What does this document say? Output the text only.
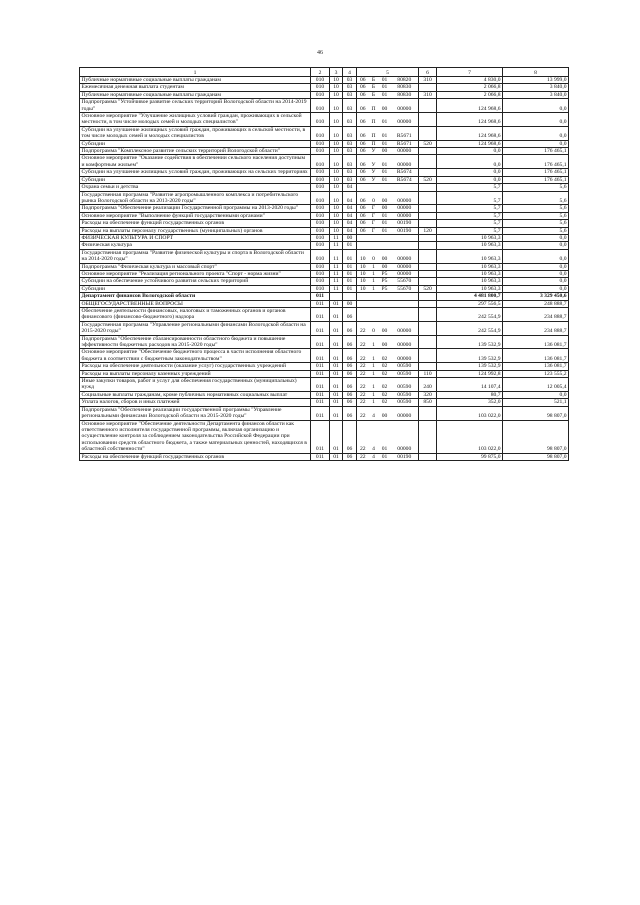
46
1	2	3	4	5				6	7	8
Публичные нормативные социальные выплаты гражданам	010	10	03	06	Б	01	80820	310	4 830,0	13 999,0
Ежемесячная денежная выплата студентам	010	10	03	06	Б	01	80830		2 066,8	3 840,0
Публичные нормативные социальные выплаты гражданам	010	10	03	06	Б	01	80830	310	2 066,8	3 840,0
Подпрограмма "Устойчивое развитие сельских территорий Вологодской области на 2014-2019 годы"	010	10	03	06	П	00	00000		124 968,6	0,0
Основное мероприятие "Улучшение жилищных условий граждан, проживающих в сельской местности, в том числе молодых семей и молодых специалистов"	010	10	03	06	П	01	00000		124 968,6	0,0
Субсидии на улучшение жилищных условий граждан, проживающих в сельской местности, в том числе молодых семей и молодых специалистов	010	10	03	06	П	01	R5671		124 968,6	0,0
Субсидии	010	10	03	06	П	01	R5671	520	124 968,6	0,0
Подпрограмма "Комплексное развитие сельских территорий Вологодской области"	010	10	03	06	У	00	00000		0,0	176 465,1
Основное мероприятие "Оказание содействия в обеспечении сельского населения доступным и комфортным жильем"	010	10	03	06	У	01	00000		0,0	176 465,1
Субсидии на улучшение жилищных условий граждан, проживающих на сельских территориях	010	10	03	06	У	01	R5674		0,0	176 465,1
Субсидии	010	10	03	06	У	01	R5674	520	0,0	176 465,1
Охрана семьи и детства	010	10	04						5,7	5,6
Государственная программа "Развитие агропромышленного комплекса и потребительского рынка Вологодской области на 2013-2020 годы"	010	10	04	06	0	00	00000		5,7	5,6
Подпрограмма "Обеспечение реализации Государственной программы на 2013-2020 годы"	010	10	04	06	Г	00	00000		5,7	5,6
Основное мероприятие "Выполнение функций государственными органами"	010	10	04	06	Г	01	00000		5,7	5,6
Расходы на обеспечение функций государственных органов	010	10	04	06	Г	01	00190		5,7	5,6
Расходы на выплаты персоналу государственных (муниципальных) органов	010	10	04	06	Г	01	00190	120	5,7	5,6
ФИЗИЧЕСКАЯ КУЛЬТУРА И СПОРТ	010	11	00						10 963,3	0,0
Физическая культура	010	11	01						10 963,3	0,0
Государственная программа "Развитие физической культуры и спорта в Вологодской области на 2014-2020 годы"	010	11	01	10	0	00	00000		10 963,3	0,0
Подпрограмма "Физическая культура и массовый спорт"	010	11	01	10	1	00	00000		10 963,3	0,0
Основное мероприятие "Реализация регионального проекта "Спорт - норма жизни"	010	11	01	10	1	P5	00000		10 963,3	0,0
Субсидии на обеспечение устойчивого развития сельских территорий	010	11	01	10	1	P5	55670		10 963,3	0,0
Субсидии	010	11	01	10	1	P5	55670	520	10 963,3	0,0
Департамент финансов Вологодской области	011								4 481 800,7	3 329 450,6
ОБЩЕГОСУДАРСТВЕННЫЕ ВОПРОСЫ	011	01	00						297 556,5	248 888,7
Обеспечение деятельности финансовых, налоговых и таможенных органов и органов финансового (финансово-бюджетного) надзора	011	01	06						242 554,9	234 888,7
Государственная программа "Управление региональными финансами Вологодской области на 2015-2020 годы"	011	01	06	22	0	00	00000		242 554,9	234 888,7
Подпрограмма "Обеспечение сбалансированности областного бюджета и повышение эффективности бюджетных расходов на 2015-2020 годы"	011	01	06	22	1	00	00000		139 532,9	136 081,7
Основное мероприятие "Обеспечение бюджетного процесса в части исполнения областного бюджета в соответствии с бюджетным законодательством"	011	01	06	22	1	02	00000		139 532,9	136 081,7
Расходы на обеспечение деятельности (оказание услуг) государственных учреждений	011	01	06	22	1	02	00590		139 532,9	136 081,7
Расходы на выплаты персоналу казенных учреждений	011	01	06	22	1	02	00590	110	124 992,8	123 555,2
Иные закупки товаров, работ и услуг для обеспечения государственных (муниципальных) нужд	011	01	06	22	1	02	00590	240	14 107,4	12 005,4
Социальные выплаты гражданам, кроме публичных нормативных социальных выплат	011	01	06	22	1	02	00590	320	80,7	0,0
Уплата налогов, сборов и иных платежей	011	01	06	22	1	02	00590	850	352,0	521,1
Подпрограмма "Обеспечение реализации государственной программы "Управление региональными финансами Вологодской области на 2015-2020 годы"	011	01	06	22	4	00	00000		103 022,0	98 807,0
Основное мероприятие "Обеспечение деятельности Департамента финансов области как ответственного исполнителя государственной программы, включая организацию и осуществление контроля за соблюдением законодательства Российской Федерации при использовании средств областного бюджета, а также материальных ценностей, находящихся в областной собственности"	011	01	06	22	4	01	00000		103 022,0	98 807,0
Расходы на обеспечение функций государственных органов	011	01	06	22	4	01	00190		99 875,0	98 807,0
